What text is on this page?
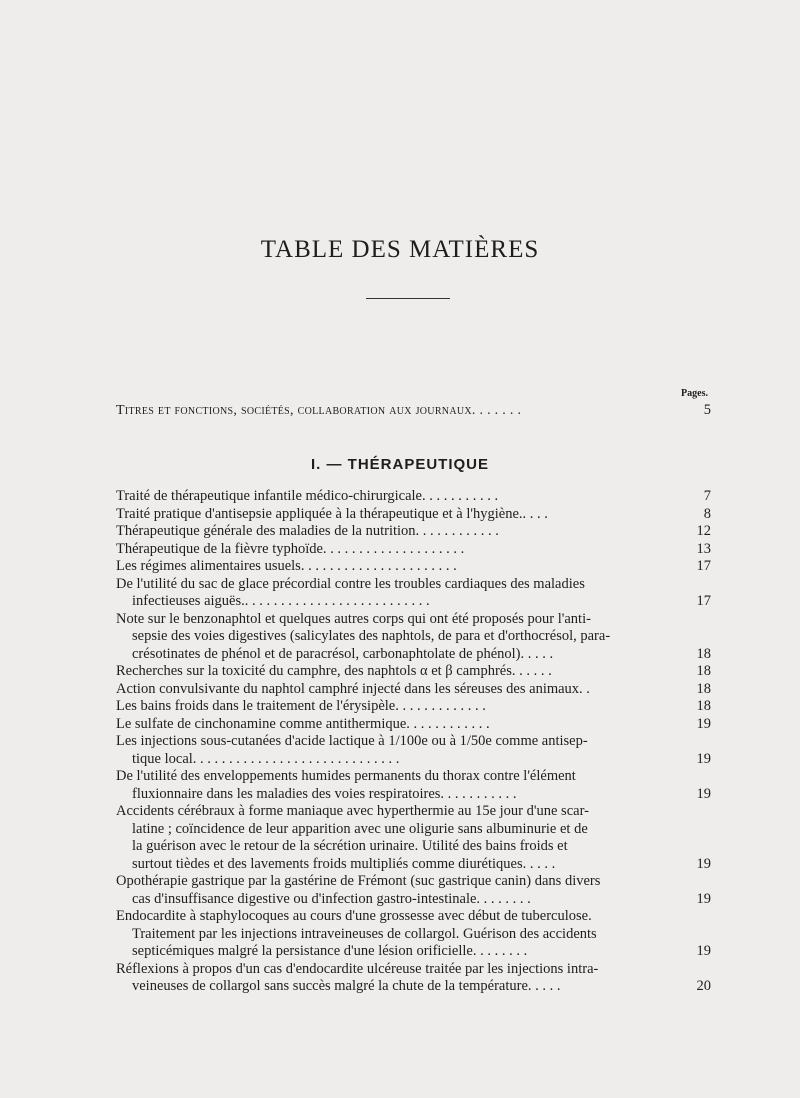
TABLE DES MATIÈRES
Pages.
Titres et fonctions, sociétés, collaboration aux journaux. . . . . . .	5
I. — THÉRAPEUTIQUE
Traité de thérapeutique infantile médico-chirurgicale. . . . . . . . . . .	7
Traité pratique d'antisepsie appliquée à la thérapeutique et à l'hygiène.. . . .	8
Thérapeutique générale des maladies de la nutrition. . . . . . . . . . . .	12
Thérapeutique de la fièvre typhoïde. . . . . . . . . . . . . . . . . . . .	13
Les régimes alimentaires usuels. . . . . . . . . . . . . . . . . . . . . .	17
De l'utilité du sac de glace précordial contre les troubles cardiaques des maladies
infectieuses aiguës.. . . . . . . . . . . . . . . . . . . . . . . . . .	17
Note sur le benzonaphtol et quelques autres corps qui ont été proposés pour l'anti-
sepsie des voies digestives (salicylates des naphtols, de para et d'orthocrésol, para-
crésotinates de phénol et de paracrésol, carbonaphtolate de phénol). . . . .	18
Recherches sur la toxicité du camphre, des naphtols α et β camphrés. . . . . .	18
Action convulsivante du naphtol camphré injecté dans les séreuses des animaux. .	18
Les bains froids dans le traitement de l'érysipèle. . . . . . . . . . . . .	18
Le sulfate de cinchonamine comme antithermique. . . . . . . . . . . .	19
Les injections sous-cutanées d'acide lactique à 1/100e ou à 1/50e comme antisep-
tique local. . . . . . . . . . . . . . . . . . . . . . . . . . . . .	19
De l'utilité des enveloppements humides permanents du thorax contre l'élément
fluxionnaire dans les maladies des voies respiratoires. . . . . . . . . . .	19
Accidents cérébraux à forme maniaque avec hyperthermie au 15e jour d'une scar-
latine ; coïncidence de leur apparition avec une oligurie sans albuminurie et de
la guérison avec le retour de la sécrétion urinaire. Utilité des bains froids et
surtout tièdes et des lavements froids multipliés comme diurétiques. . . . .	19
Opothérapie gastrique par la gastérine de Frémont (suc gastrique canin) dans divers
cas d'insuffisance digestive ou d'infection gastro-intestinale. . . . . . . .	19
Endocardite à staphylocoques au cours d'une grossesse avec début de tuberculose.
Traitement par les injections intraveineuses de collargol. Guérison des accidents
septicémiques malgré la persistance d'une lésion orificielle. . . . . . . .	19
Réflexions à propos d'un cas d'endocardite ulcéreuse traitée par les injections intra-
veineuses de collargol sans succès malgré la chute de la température. . . . .	20
